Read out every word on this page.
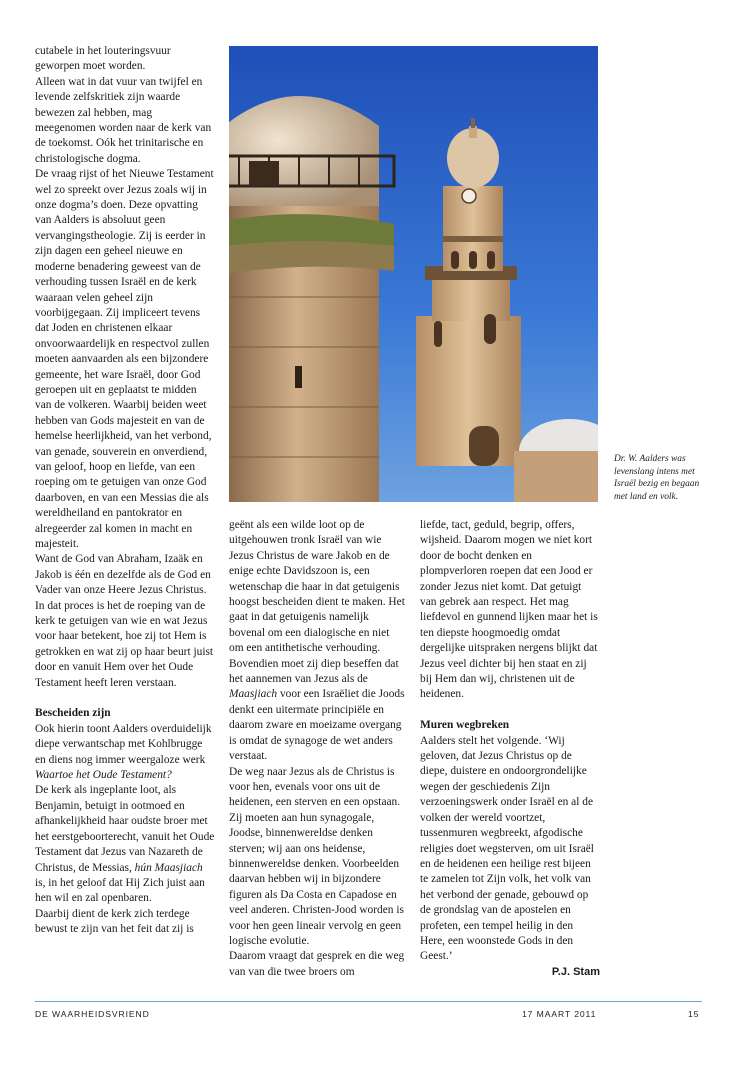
cutabele in het louteringsvuur geworpen moet worden.

Alleen wat in dat vuur van twijfel en levende zelfskritiek zijn waarde bewezen zal hebben, mag meegenomen worden naar de kerk van de toekomst. Oók het trinitarische en christologische dogma.

De vraag rijst of het Nieuwe Testament wel zo spreekt over Jezus zoals wij in onze dogma’s doen. Deze opvatting van Aalders is absoluut geen vervangingstheologie. Zij is eerder in zijn dagen een geheel nieuwe en moderne benadering geweest van de verhouding tussen Israël en de kerk waaraan velen geheel zijn voorbijgegaan. Zij impliceert tevens dat Joden en christenen elkaar onvoorwaardelijk en respectvol zullen moeten aanvaarden als een bijzondere gemeente, het ware Israël, door God geroepen uit en geplaatst te midden van de volkeren. Waarbij beiden weet hebben van Gods majesteit en van de hemelse heerlijkheid, van het verbond, van genade, souverein en onverdiend, van geloof, hoop en liefde, van een roeping om te getuigen van onze God daarboven, en van een Messias die als wereldheiland en pantokrator en alregeerder zal komen in macht en majesteit.

Want de God van Abraham, Izaäk en Jakob is één en dezelfde als de God en Vader van onze Heere Jezus Christus. In dat proces is het de roeping van de kerk te getuigen van wie en wat Jezus voor haar betekent, hoe zij tot Hem is getrokken en wat zij op haar beurt juist door en vanuit Hem over het Oude Testament heeft leren verstaan.

Bescheiden zijn

Ook hierin toont Aalders overduidelijk diepe verwantschap met Kohlbrugge en diens nog immer weergaloze werk Waartoe het Oude Testament?

De kerk als ingeplante loot, als Benjamin, betuigt in ootmoed en afhankelijkheid haar oudste broer met het eerstgeboorterecht, vanuit het Oude Testament dat Jezus van Nazareth de Christus, de Messias, hún Maasjiach is, in het geloof dat Hij Zich juist aan hen wil en zal openbaren.

Daarbij dient de kerk zich terdege bewust te zijn van het feit dat zij is

Dr. W. Aalders was levenslang intens met Israël bezig en begaan met land en volk.

geënt als een wilde loot op de uitgehouwen tronk Israël van wie Jezus Christus de ware Jakob en de enige echte Davidszoon is, een wetenschap die haar in dat getuigenis hoogst bescheiden dient te maken. Het gaat in dat getuigenis namelijk bovenal om een dialogische en niet om een antithetische verhouding.

Bovendien moet zij diep beseffen dat het aannemen van Jezus als de Maasjiach voor een Israëliet die Joods denkt een uitermate principiële en daarom zware en moeizame overgang is omdat de synagoge de wet anders verstaat.

De weg naar Jezus als de Christus is voor hen, evenals voor ons uit de heidenen, een sterven en een opstaan. Zij moeten aan hun synagogale, Joodse, binnenwereldse denken sterven; wij aan ons heidense, binnenwereldse denken. Voorbeelden daarvan hebben wij in bijzondere figuren als Da Costa en Capadose en veel anderen. Christen-Jood worden is voor hen geen lineair vervolg en geen logische evolutie.

Daarom vraagt dat gesprek en die weg van van die twee broers om

liefde, tact, geduld, begrip, offers, wijsheid. Daarom mogen we niet kort door de bocht denken en plompverloren roepen dat een Jood er zonder Jezus niet komt. Dat getuigt van gebrek aan respect. Het mag liefdevol en gunnend lijken maar het is ten diepste hoogmoedig omdat dergelijke uitspraken nergens blijkt dat Jezus veel dichter bij hen staat en zij bij Hem dan wij, christenen uit de heidenen.

Muren wegbreken

Aalders stelt het volgende. ‘Wij geloven, dat Jezus Christus op de diepe, duistere en ondoorgrondelijke wegen der geschiedenis Zijn verzoeningswerk onder Israël en al de volken der wereld voortzet, tussenmuren wegbreekt, afgodische religies doet wegsterven, om uit Israël en de heidenen een heilige rest bijeen te zamelen tot Zijn volk, het volk van het verbond der genade, gebouwd op de grondslag van de apostelen en profeten, een tempel heilig in den Here, een woonstede Gods in den Geest.’

P.J. Stam

DE WAARHEIDSVRIEND	17 MAART 2011	15
